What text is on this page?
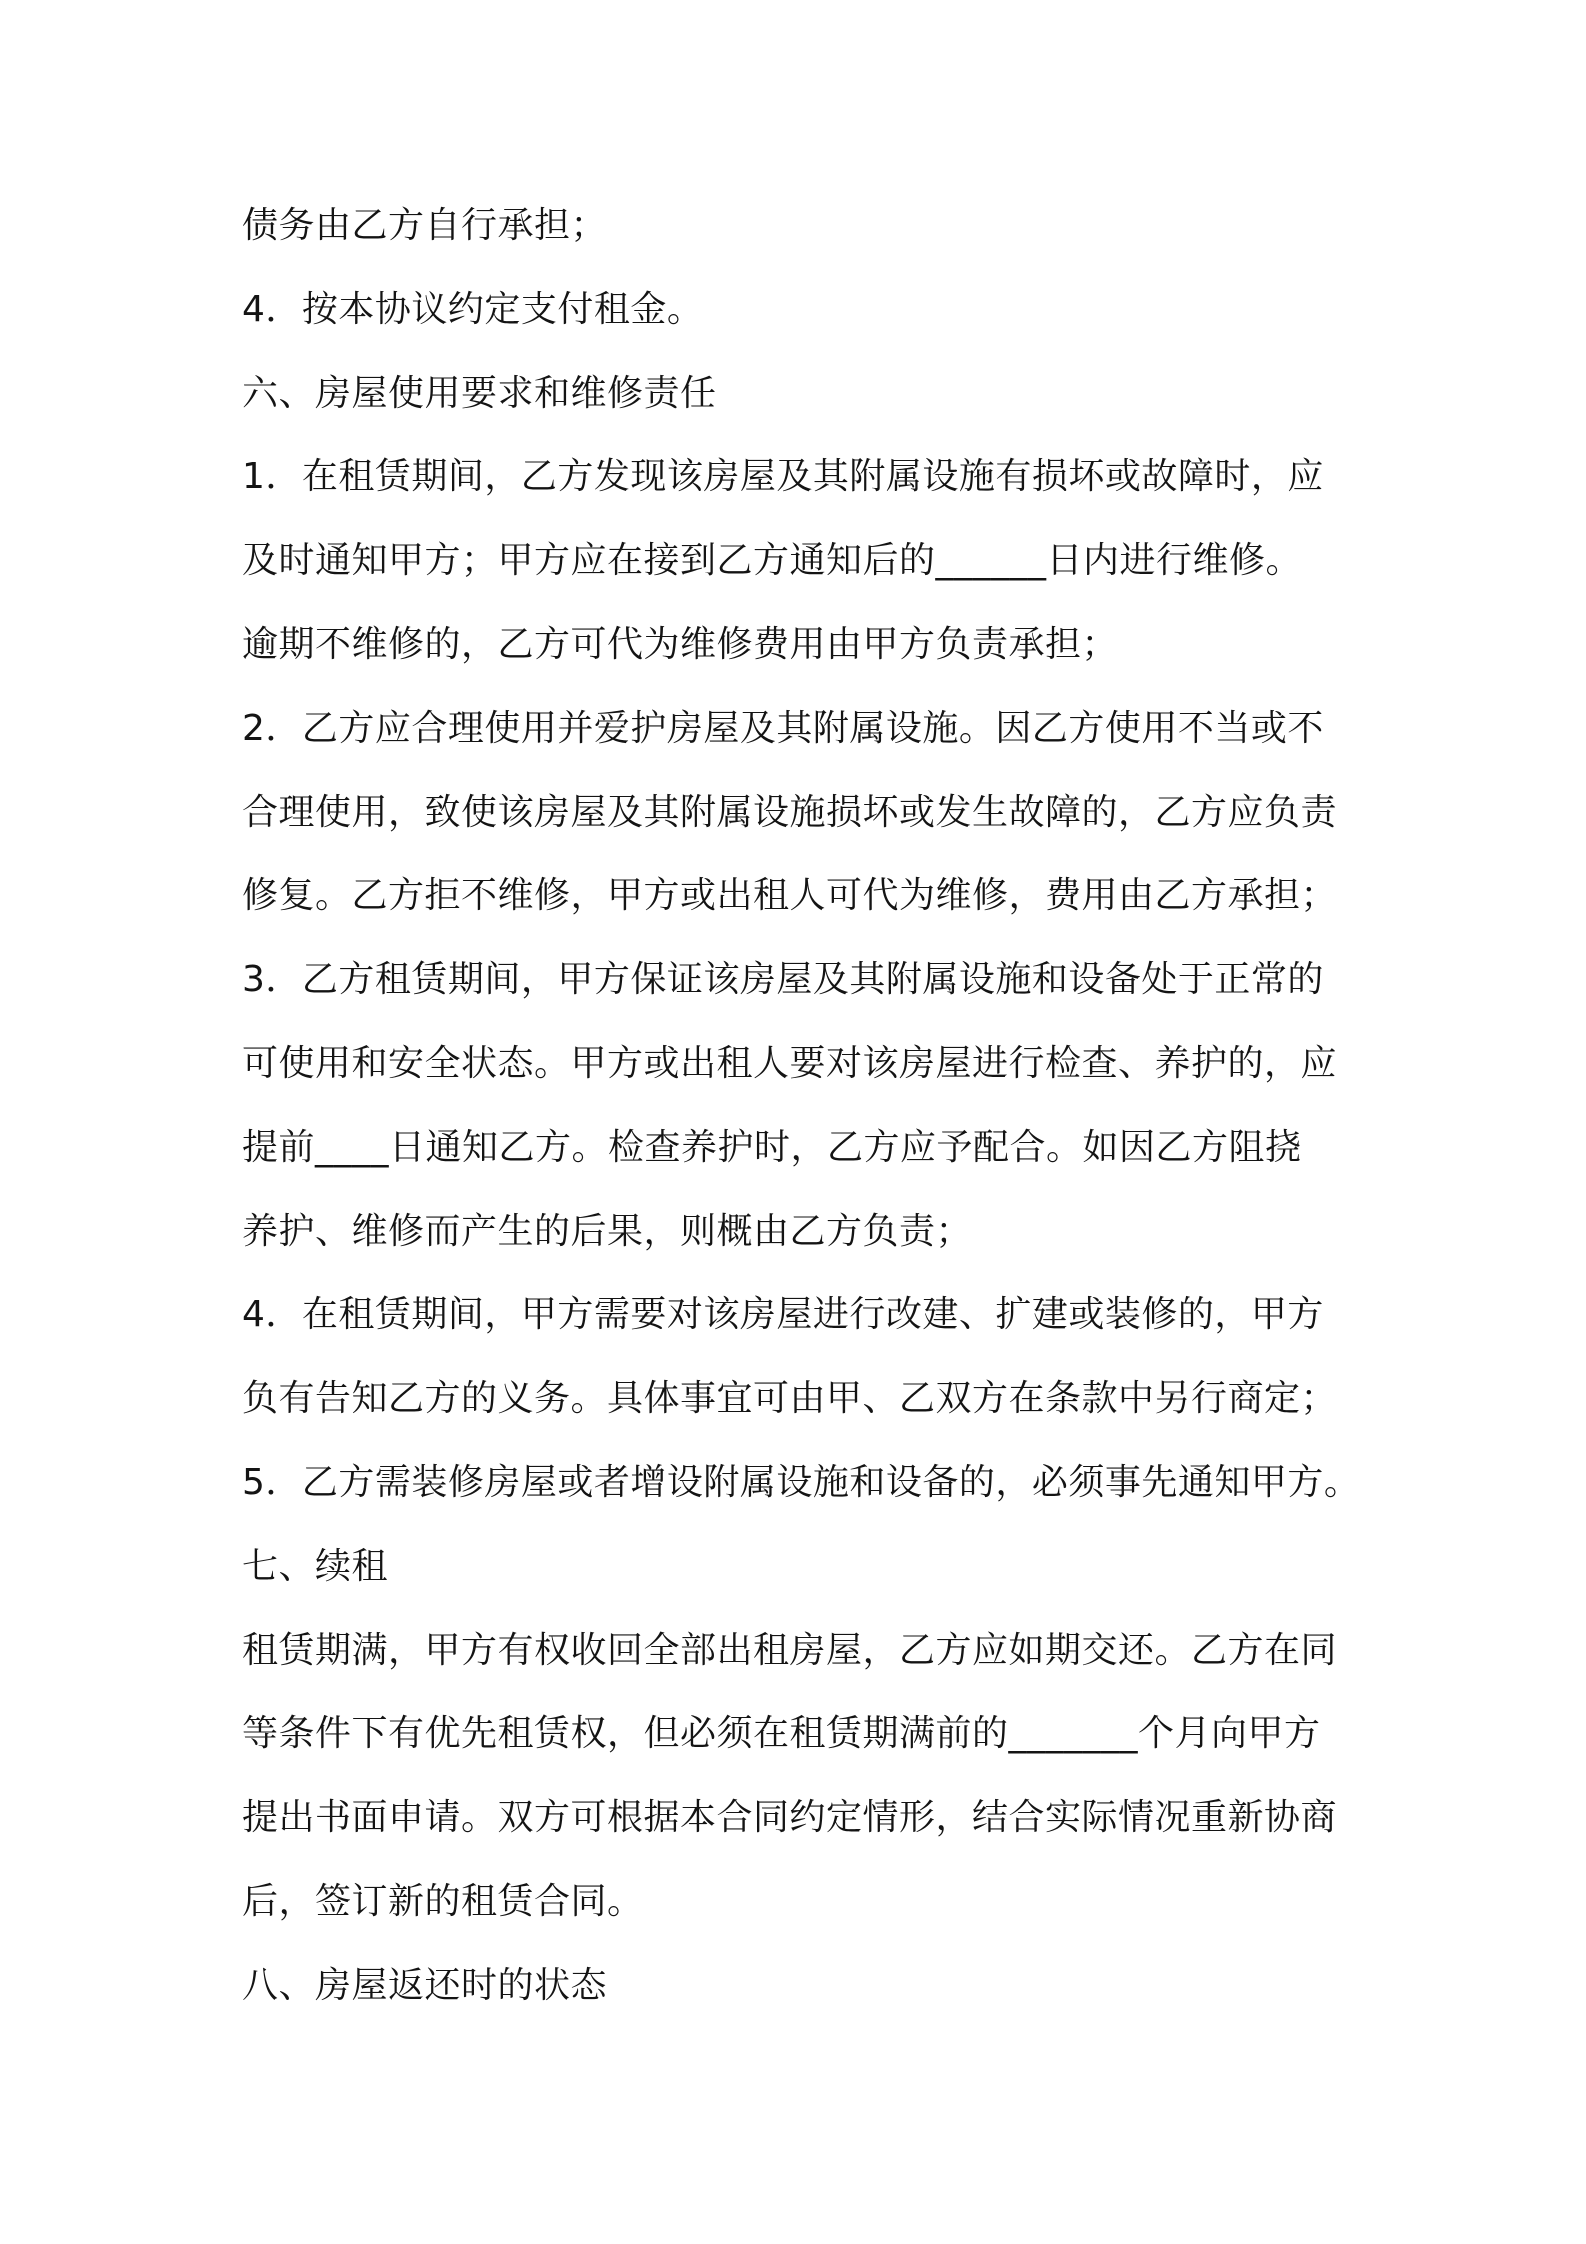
债务由乙方自行承担；
4．按本协议约定支付租金。
六、房屋使用要求和维修责任
1．在租赁期间，乙方发现该房屋及其附属设施有损坏或故障时，应
及时通知甲方；甲方应在接到乙方通知后的______日内进行维修。
逾期不维修的，乙方可代为维修费用由甲方负责承担；
2．乙方应合理使用并爱护房屋及其附属设施。因乙方使用不当或不
合理使用，致使该房屋及其附属设施损坏或发生故障的，乙方应负责
修复。乙方拒不维修，甲方或出租人可代为维修，费用由乙方承担；
3．乙方租赁期间，甲方保证该房屋及其附属设施和设备处于正常的
可使用和安全状态。甲方或出租人要对该房屋进行检查、养护的，应
提前____日通知乙方。检查养护时，乙方应予配合。如因乙方阻挠
养护、维修而产生的后果，则概由乙方负责；
4．在租赁期间，甲方需要对该房屋进行改建、扩建或装修的，甲方
负有告知乙方的义务。具体事宜可由甲、乙双方在条款中另行商定；
5．乙方需装修房屋或者增设附属设施和设备的，必须事先通知甲方。
七、续租
租赁期满，甲方有权收回全部出租房屋，乙方应如期交还。乙方在同
等条件下有优先租赁权，但必须在租赁期满前的_______个月向甲方
提出书面申请。双方可根据本合同约定情形，结合实际情况重新协商
后，签订新的租赁合同。
八、房屋返还时的状态
